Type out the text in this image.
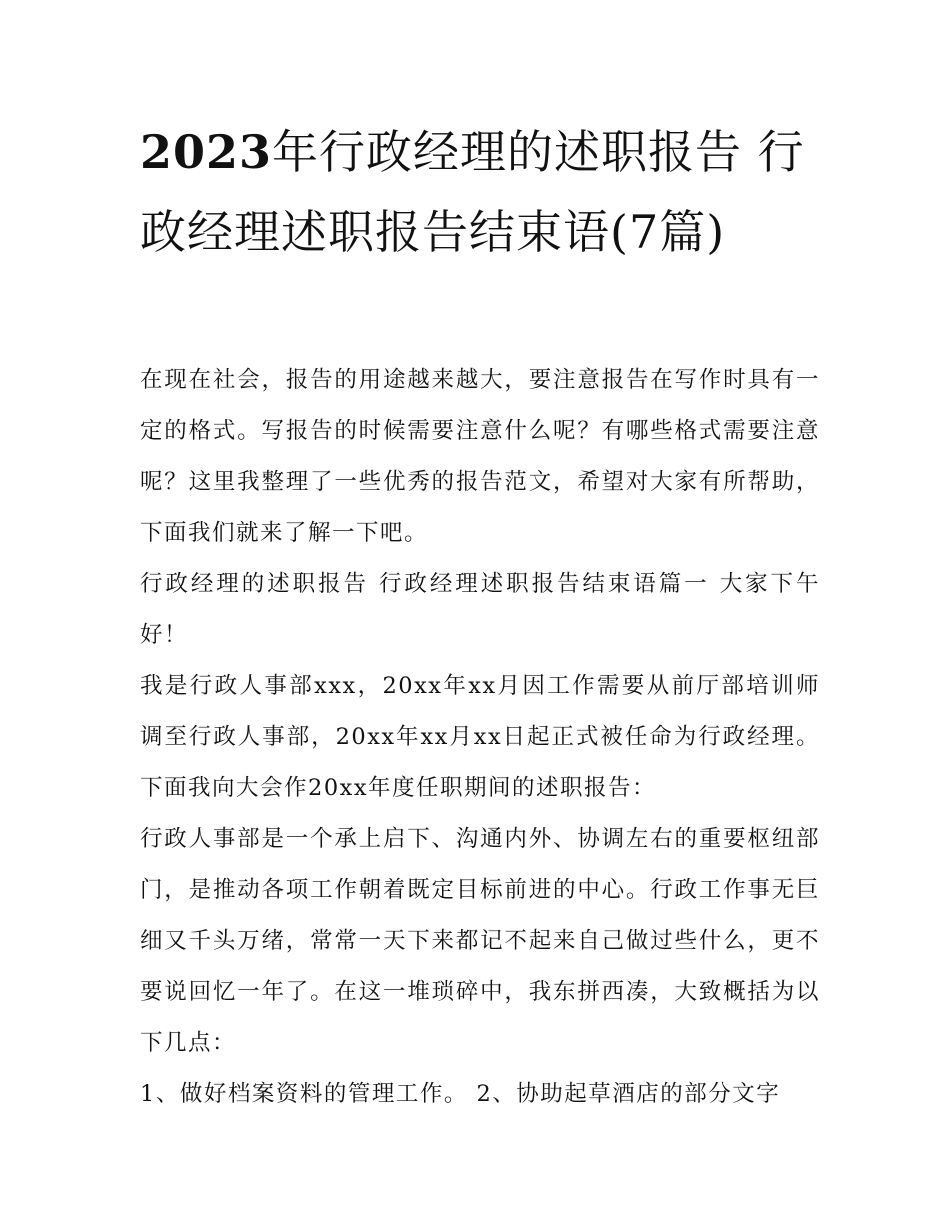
2023年行政经理的述职报告 行政经理述职报告结束语(7篇)

在现在社会，报告的用途越来越大，要注意报告在写作时具有一定的格式。写报告的时候需要注意什么呢？有哪些格式需要注意呢？这里我整理了一些优秀的报告范文，希望对大家有所帮助，下面我们就来了解一下吧。

行政经理的述职报告 行政经理述职报告结束语篇一 大家下午好！

我是行政人事部xxx，20xx年xx月因工作需要从前厅部培训师调至行政人事部，20xx年xx月xx日起正式被任命为行政经理。下面我向大会作20xx年度任职期间的述职报告：

行政人事部是一个承上启下、沟通内外、协调左右的重要枢纽部门，是推动各项工作朝着既定目标前进的中心。行政工作事无巨细又千头万绪，常常一天下来都记不起来自己做过些什么，更不要说回忆一年了。在这一堆琐碎中，我东拼西凑，大致概括为以下几点：

1、做好档案资料的管理工作。 2、协助起草酒店的部分文字
